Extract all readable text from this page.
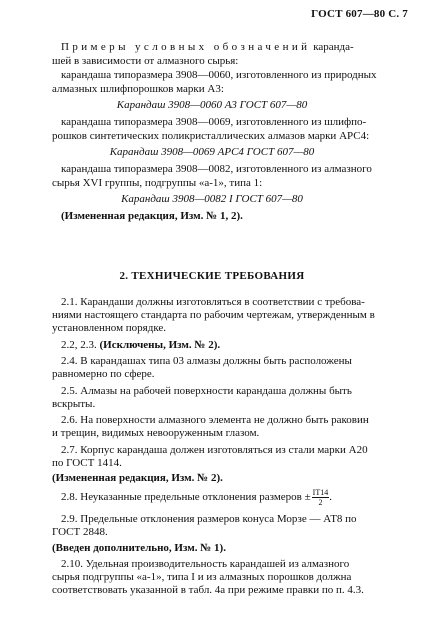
ГОСТ 607—80 С. 7
Примеры условных обозначений каранда-
шей в зависимости от алмазного сырья:
карандаша типоразмера 3908—0060, изготовленного из природных
алмазных шлифпорошков марки А3:
Карандаш 3908—0060 А3 ГОСТ 607—80
карандаша типоразмера 3908—0069, изготовленного из шлифпо-
рошков синтетических поликристаллических алмазов марки АРС4:
Карандаш 3908—0069 АРС4 ГОСТ 607—80
карандаша типоразмера 3908—0082, изготовленного из алмазного
сырья XVI группы, подгруппы «а-1», типа 1:
Карандаш 3908—0082 I ГОСТ 607—80
(Измененная редакция, Изм. № 1, 2).
2. ТЕХНИЧЕСКИЕ ТРЕБОВАНИЯ
2.1. Карандаши должны изготовляться в соответствии с требова-
ниями настоящего стандарта по рабочим чертежам, утвержденным в
установленном порядке.
2.2, 2.3. (Исключены, Изм. № 2).
2.4. В карандашах типа 03 алмазы должны быть расположены
равномерно по сфере.
2.5. Алмазы на рабочей поверхности карандаша должны быть
вскрыты.
2.6. На поверхности алмазного элемента не должно быть раковин
и трещин, видимых невооруженным глазом.
2.7. Корпус карандаша должен изготовляться из стали марки А20
по ГОСТ 1414.
(Измененная редакция, Изм. № 2).
2.8. Неуказанные предельные отклонения размеров ± $\frac{IT14}{2}$ .
2.9. Предельные отклонения размеров конуса Морзе — АТ8 по
ГОСТ 2848.
(Введен дополнительно, Изм. № 1).
2.10. Удельная производительность карандашей из алмазного
сырья подгруппы «а-1», типа I и из алмазных порошков должна
соответствовать указанной в табл. 4а при режиме правки по п. 4.3.
